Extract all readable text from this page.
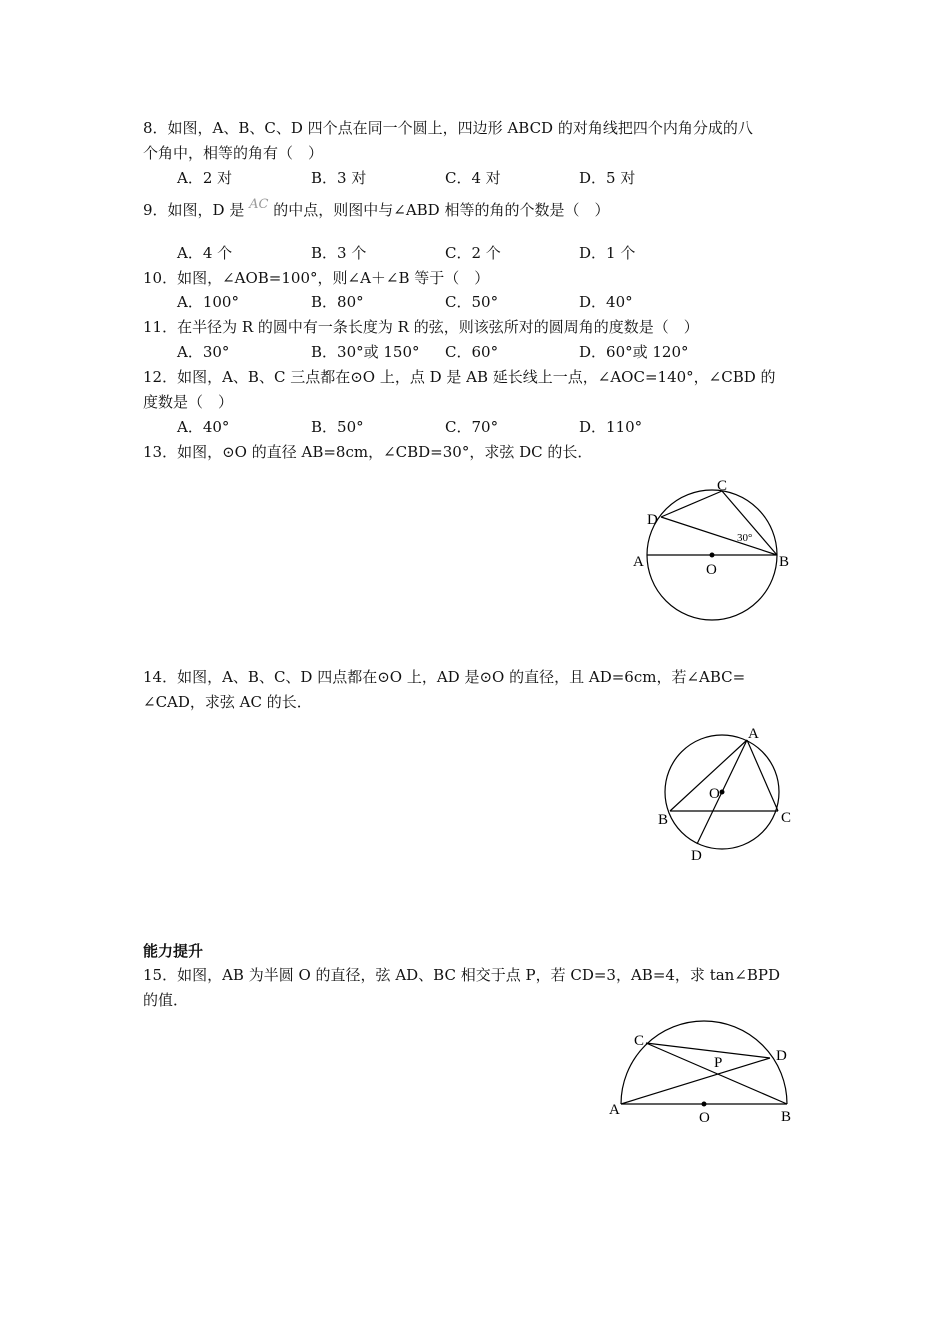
8．如图，A、B、C、D 四个点在同一个圆上，四边形 ABCD 的对角线把四个内角分成的八
个角中，相等的角有（　）
A．2 对	B．3 对	C．4 对	D．5 对
9．如图，D 是 AC 的中点，则图中与∠ABD 相等的角的个数是（　）
A．4 个	B．3 个	C．2 个	D．1 个
10．如图，∠AOB=100°，则∠A＋∠B 等于（　）
A．100°	B．80°	C．50°	D．40°
11．在半径为 R 的圆中有一条长度为 R 的弦，则该弦所对的圆周角的度数是（　）
A．30°	B．30°或 150° C．60°	D．60°或 120°
12．如图，A、B、C 三点都在⊙O 上，点 D 是 AB 延长线上一点，∠AOC=140°，∠CBD 的
度数是（　）
A．40°	B．50°	C．70°	D．110°
13．如图，⊙O 的直径 AB=8cm，∠CBD=30°，求弦 DC 的长．
A	B
C
D
O
30°
14．如图，A、B、C、D 四点都在⊙O 上，AD 是⊙O 的直径，且 AD=6cm，若∠ABC=
∠CAD，求弦 AC 的长．
A
B	C
D
O
能力提升
15．如图，AB 为半圆 O 的直径，弦 AD、BC 相交于点 P，若 CD=3，AB=4，求 tan∠BPD
的值．
A	B
C
D
O
P
